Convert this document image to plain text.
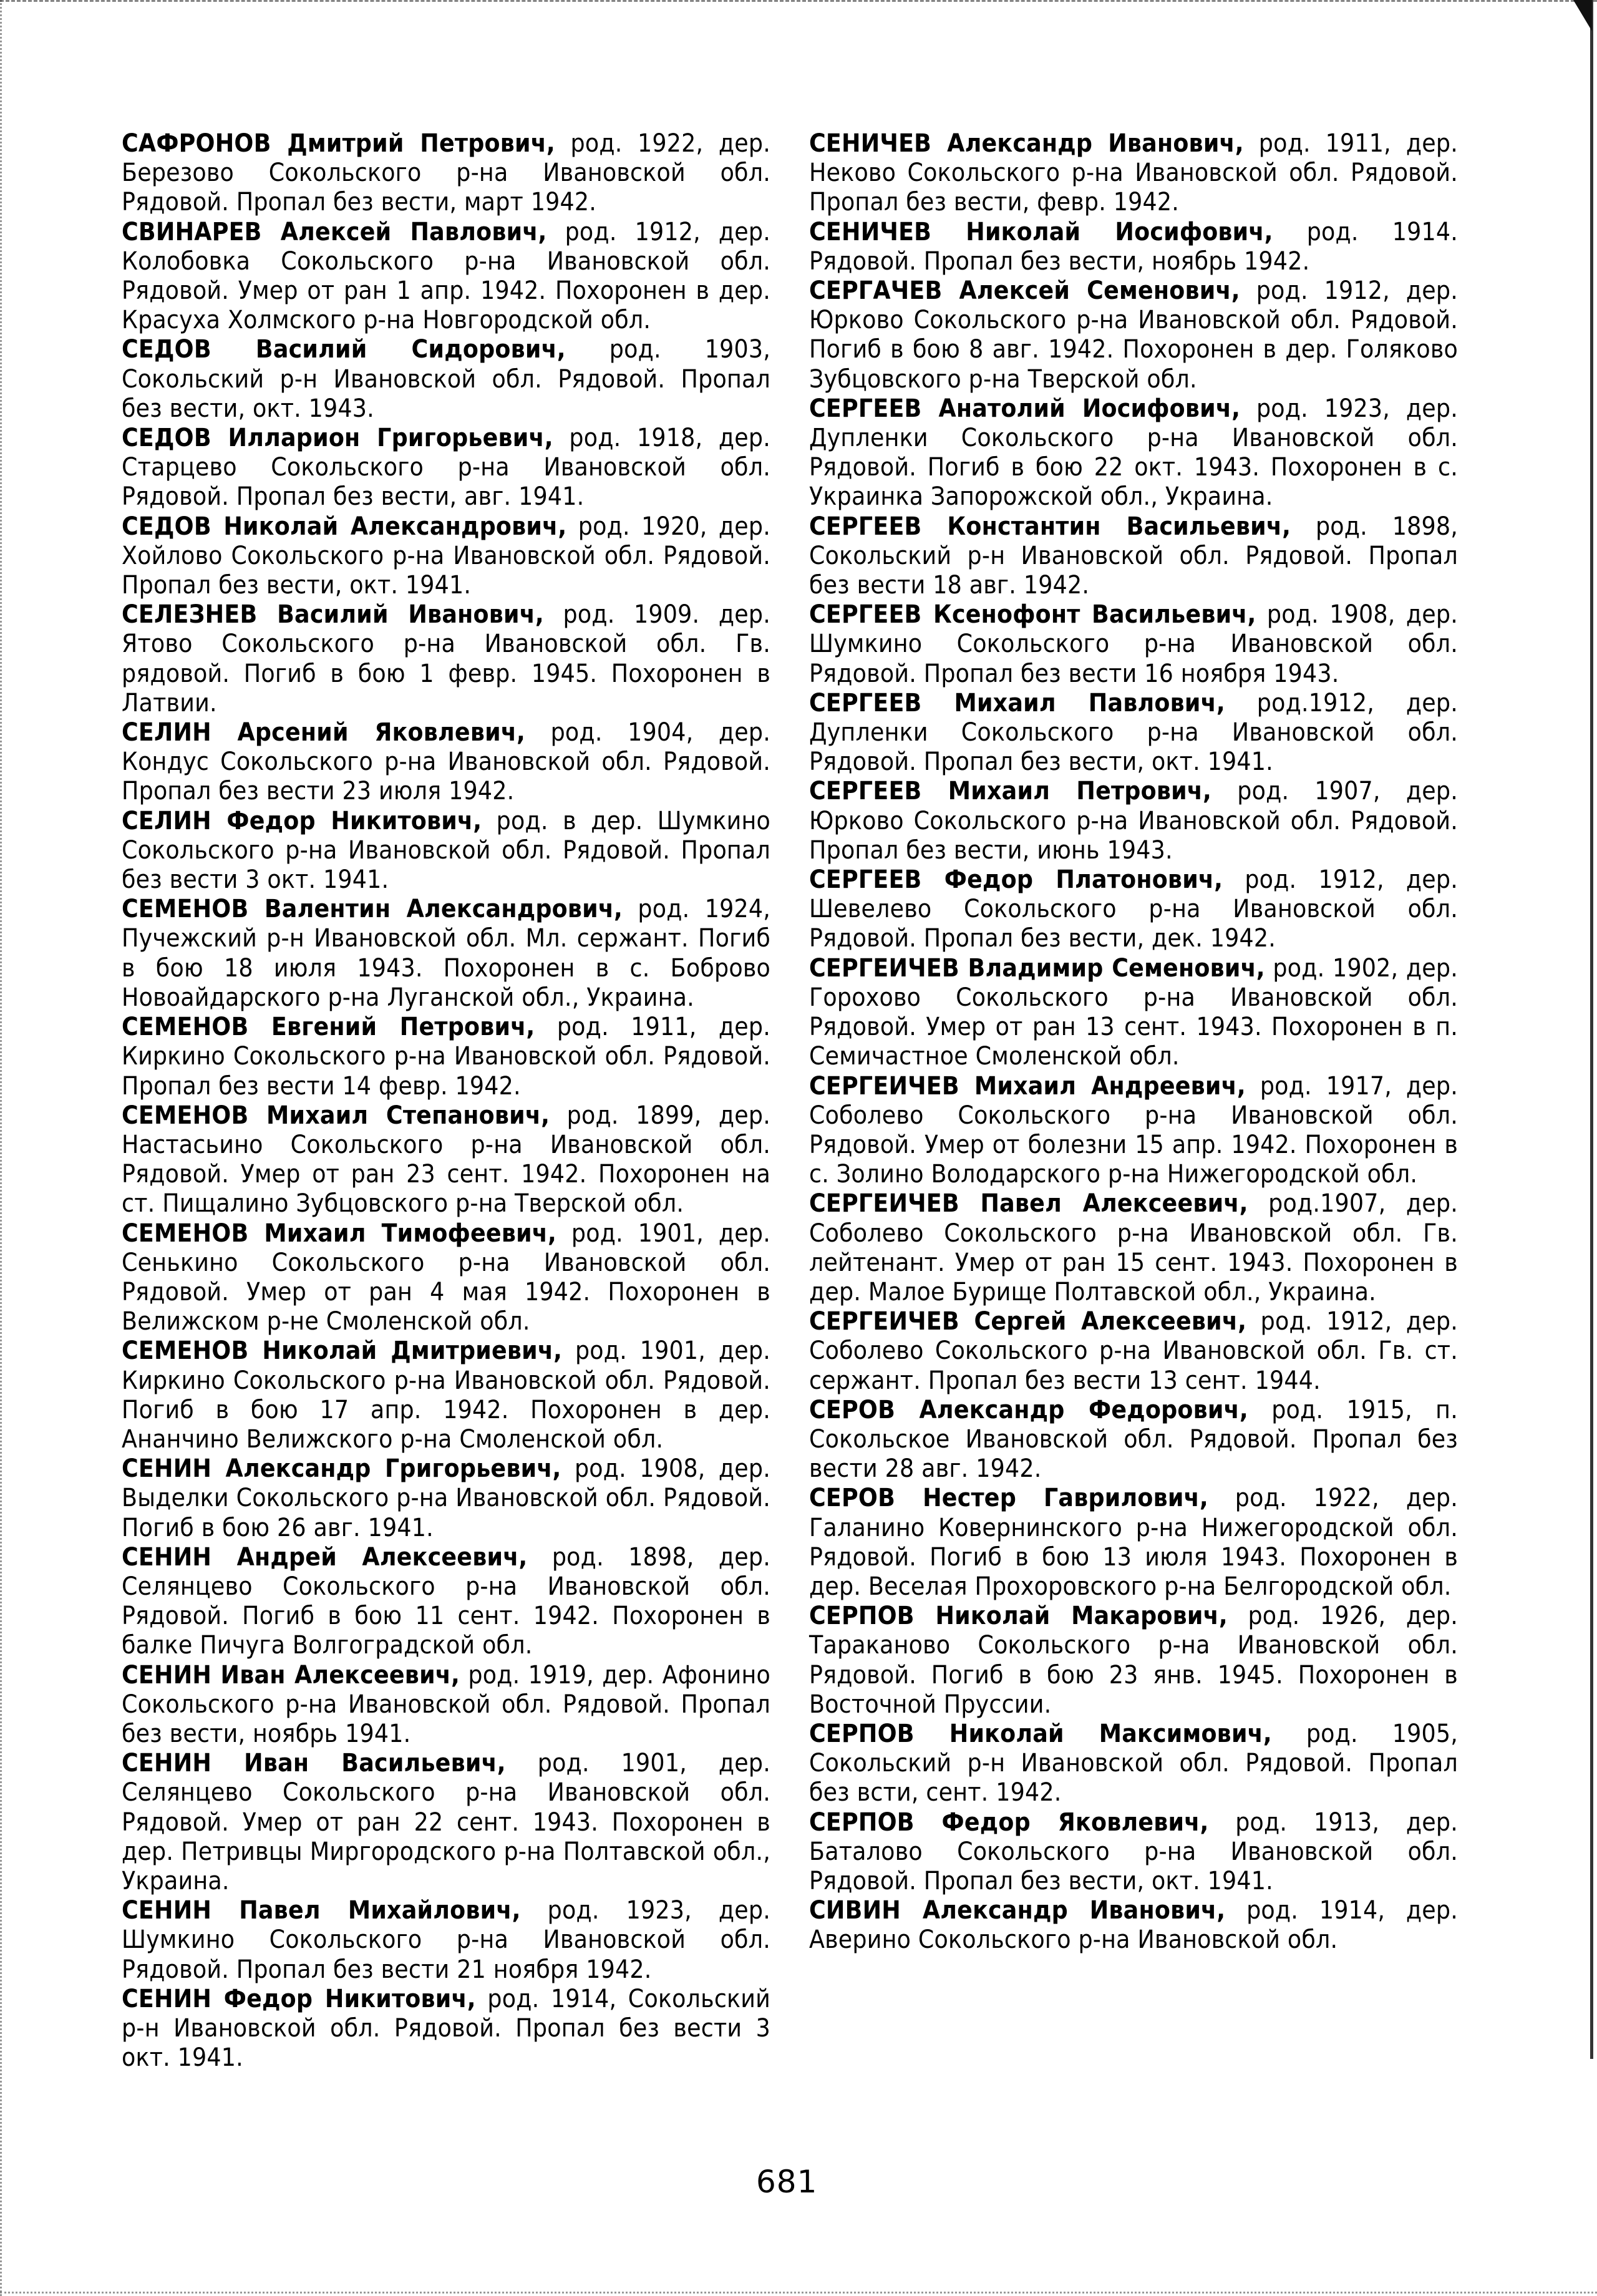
САФРОНОВ Дмитрий Петрович, род. 1922, дер. Березово Сокольского р-на Ивановской обл. Рядовой. Пропал без вести, март 1942.

СВИНАРЕВ Алексей Павлович, род. 1912, дер. Колобовка Сокольского р-на Ивановской обл. Рядовой. Умер от ран 1 апр. 1942. Похоронен в дер. Красуха Холмского р-на Новгородской обл.

СЕДОВ Василий Сидорович, род. 1903, Сокольский р-н Ивановской обл. Рядовой. Пропал без вести, окт. 1943.

СЕДОВ Илларион Григорьевич, род. 1918, дер. Старцево Сокольского р-на Ивановской обл. Рядовой. Пропал без вести, авг. 1941.

СЕДОВ Николай Александрович, род. 1920, дер. Хойлово Сокольского р-на Ивановской обл. Рядовой. Пропал без вести, окт. 1941.

СЕЛЕЗНЕВ Василий Иванович, род. 1909. дер. Ятово Сокольского р-на Ивановской обл. Гв. рядовой. Погиб в бою 1 февр. 1945. Похоронен в Латвии.

СЕЛИН Арсений Яковлевич, род. 1904, дер. Кондус Сокольского р-на Ивановской обл. Рядовой. Пропал без вести 23 июля 1942.

СЕЛИН Федор Никитович, род. в дер. Шумкино Сокольского р-на Ивановской обл. Рядовой. Пропал без вести 3 окт. 1941.

СЕМЕНОВ Валентин Александрович, род. 1924, Пучежский р-н Ивановской обл. Мл. сержант. Погиб в бою 18 июля 1943. Похоронен в с. Боброво Новоайдарского р-на Луганской обл., Украина.

СЕМЕНОВ Евгений Петрович, род. 1911, дер. Киркино Сокольского р-на Ивановской обл. Рядовой. Пропал без вести 14 февр. 1942.

СЕМЕНОВ Михаил Степанович, род. 1899, дер. Настасьино Сокольского р-на Ивановской обл. Рядовой. Умер от ран 23 сент. 1942. Похоронен на ст. Пищалино Зубцовского р-на Тверской обл.

СЕМЕНОВ Михаил Тимофеевич, род. 1901, дер. Сенькино Сокольского р-на Ивановской обл. Рядовой. Умер от ран 4 мая 1942. Похоронен в Велижском р-не Смоленской обл.

СЕМЕНОВ Николай Дмитриевич, род. 1901, дер. Киркино Сокольского р-на Ивановской обл. Рядовой. Погиб в бою 17 апр. 1942. Похоронен в дер. Ананчино Велижского р-на Смоленской обл.

СЕНИН Александр Григорьевич, род. 1908, дер. Выделки Сокольского р-на Ивановской обл. Рядовой. Погиб в бою 26 авг. 1941.

СЕНИН Андрей Алексеевич, род. 1898, дер. Селянцево Сокольского р-на Ивановской обл. Рядовой. Погиб в бою 11 сент. 1942. Похоронен в балке Пичуга Волгоградской обл.

СЕНИН Иван Алексеевич, род. 1919, дер. Афонино Сокольского р-на Ивановской обл. Рядовой. Пропал без вести, ноябрь 1941.

СЕНИН Иван Васильевич, род. 1901, дер. Селянцево Сокольского р-на Ивановской обл. Рядовой. Умер от ран 22 сент. 1943. Похоронен в дер. Петривцы Миргородского р-на Полтавской обл., Украина.

СЕНИН Павел Михайлович, род. 1923, дер. Шумкино Сокольского р-на Ивановской обл. Рядовой. Пропал без вести 21 ноября 1942.

СЕНИН Федор Никитович, род. 1914, Сокольский р-н Ивановской обл. Рядовой. Пропал без вести 3 окт. 1941.

СЕНИЧЕВ Александр Иванович, род. 1911, дер. Неково Сокольского р-на Ивановской обл. Рядовой. Пропал без вести, февр. 1942.

СЕНИЧЕВ Николай Иосифович, род. 1914. Рядовой. Пропал без вести, ноябрь 1942.

СЕРГАЧЕВ Алексей Семенович, род. 1912, дер. Юрково Сокольского р-на Ивановской обл. Рядовой. Погиб в бою 8 авг. 1942. Похоронен в дер. Голяково Зубцовского р-на Тверской обл.

СЕРГЕЕВ Анатолий Иосифович, род. 1923, дер. Дупленки Сокольского р-на Ивановской обл. Рядовой. Погиб в бою 22 окт. 1943. Похоронен в с. Украинка Запорожской обл., Украина.

СЕРГЕЕВ Константин Васильевич, род. 1898, Сокольский р-н Ивановской обл. Рядовой. Пропал без вести 18 авг. 1942.

СЕРГЕЕВ Ксенофонт Васильевич, род. 1908, дер. Шумкино Сокольского р-на Ивановской обл. Рядовой. Пропал без вести 16 ноября 1943.

СЕРГЕЕВ Михаил Павлович, род.1912, дер. Дупленки Сокольского р-на Ивановской обл. Рядовой. Пропал без вести, окт. 1941.

СЕРГЕЕВ Михаил Петрович, род. 1907, дер. Юрково Сокольского р-на Ивановской обл. Рядовой. Пропал без вести, июнь 1943.

СЕРГЕЕВ Федор Платонович, род. 1912, дер. Шевелево Сокольского р-на Ивановской обл. Рядовой. Пропал без вести, дек. 1942.

СЕРГЕИЧЕВ Владимир Семенович, род. 1902, дер. Горохово Сокольского р-на Ивановской обл. Рядовой. Умер от ран 13 сент. 1943. Похоронен в п. Семичастное Смоленской обл.

СЕРГЕИЧЕВ Михаил Андреевич, род. 1917, дер. Соболево Сокольского р-на Ивановской обл. Рядовой. Умер от болезни 15 апр. 1942. Похоронен в с. Золино Володарского р-на Нижегородской обл.

СЕРГЕИЧЕВ Павел Алексеевич, род.1907, дер. Соболево Сокольского р-на Ивановской обл. Гв. лейтенант. Умер от ран 15 сент. 1943. Похоронен в дер. Малое Бурище Полтавской обл., Украина.

СЕРГЕИЧЕВ Сергей Алексеевич, род. 1912, дер. Соболево Сокольского р-на Ивановской обл. Гв. ст. сержант. Пропал без вести 13 сент. 1944.

СЕРОВ Александр Федорович, род. 1915, п. Сокольское Ивановской обл. Рядовой. Пропал без вести 28 авг. 1942.

СЕРОВ Нестер Гаврилович, род. 1922, дер. Галанино Ковернинского р-на Нижегородской обл. Рядовой. Погиб в бою 13 июля 1943. Похоронен в дер. Веселая Прохоровского р-на Белгородской обл.

СЕРПОВ Николай Макарович, род. 1926, дер. Тараканово Сокольского р-на Ивановской обл. Рядовой. Погиб в бою 23 янв. 1945. Похоронен в Восточной Пруссии.

СЕРПОВ Николай Максимович, род. 1905, Сокольский р-н Ивановской обл. Рядовой. Пропал без вcти, сент. 1942.

СЕРПОВ Федор Яковлевич, род. 1913, дер. Баталово Сокольского р-на Ивановской обл. Рядовой. Пропал без вести, окт. 1941.

СИВИН Александр Иванович, род. 1914, дер. Аверино Сокольского р-на Ивановской обл.

681
